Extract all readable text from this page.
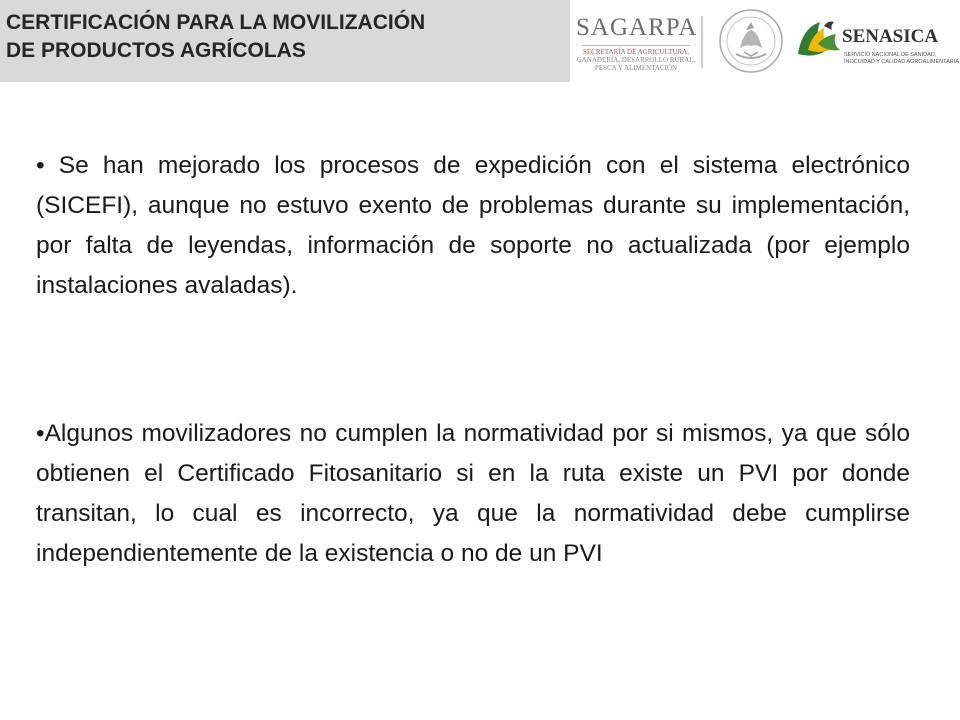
CERTIFICACIÓN PARA LA MOVILIZACIÓN
DE PRODUCTOS AGRÍCOLAS
SAGARPA
SECRETARÍA DE AGRICULTURA,
GANADERÍA, DESARROLLO RURAL,
PESCA Y ALIMENTACIÓN
SENASICA
SERVICIO NACIONAL DE SANIDAD,
INOCUIDAD Y CALIDAD AGROALIMENTARIA
• Se han mejorado los procesos de expedición con el sistema electrónico (SICEFI), aunque no estuvo exento de problemas durante su implementación, por falta de leyendas, información de soporte no actualizada (por ejemplo instalaciones avaladas).
•Algunos movilizadores no cumplen la normatividad por si mismos, ya que sólo obtienen el Certificado Fitosanitario si en la ruta existe un PVI por donde transitan, lo cual es incorrecto, ya que la normatividad debe cumplirse independientemente de la existencia o no de un PVI
